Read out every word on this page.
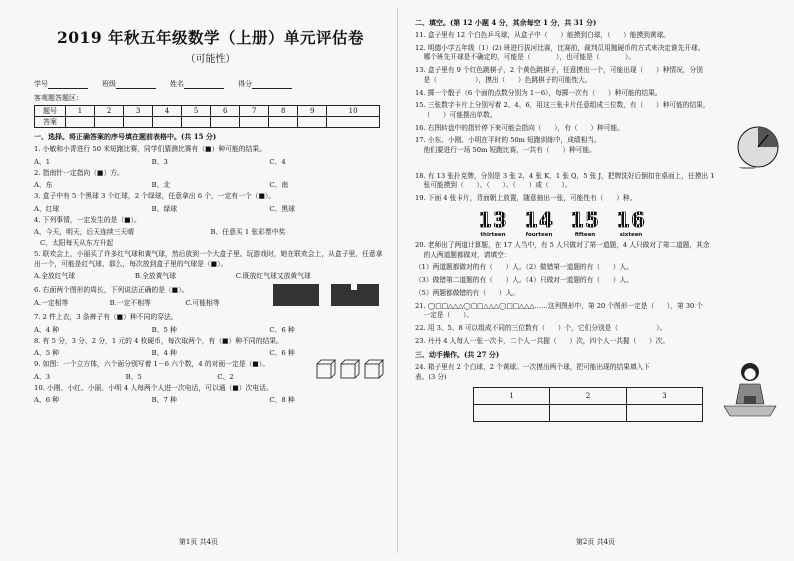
2019 年秋五年级数学（上册）单元评估卷
（可能性）
学号	班级	姓名	得分
客观题答题区：
题号	1	2	3	4	5	6	7	8	9	10
答案										
一、选择。将正确答案的序号填在题前表格中。(共 15 分)
1. 小敏和小青进行 50 米短跑比赛，同学们猜测比赛有（■）种可能的结果。
A、1	B、3	C、4
2. 指南针一定指向（■）方。
A、东	B、北	C、南
3. 盒子中有 5 个黑球 3 个红球，2 个绿球，任意拿出 6 个，一定有一个（■）。
A、红球	B、绿球	C、黑球
4. 下列事情，一定发生的是（■）。
A、今天，明天，后天连续三天晴	B、任意买 1 张彩票中奖
C、太阳每天从东方升起
5. 联欢会上，小丽买了许多红气球和黄气球，然后放到一个大盒子里。玩游戏时，她在联欢会上，从盒子里，任意拿出一个，可能是红气球，那么，每次放到盒子里的气球是（■）。
A.全放红气球	B.全放黄气球	C.既放红气球又放黄气球
6. 右面两个图形的周长，下列说法正确的是（■）。
A.一定相等	B.一定不相等	C.可能相等
7. 2 件上衣，3 条裤子有（■）种不同的穿法。
A、4 种	B、5 种	C、6 种
8. 有 5 分，3 分，2 分，1 元的 4 枚硬币，每次取两个，有（■）种不同的结果。
A、5 种	B、4 种	C、6 种
9. 如图：一个立方体，六个面分别写着 1－6 六个数，4 的对面一定是（■）。
A、3	B、5	C、2
10. 小刚、小红、小丽、小明 4 人每两个人进一次电话，可以通（■）次电话。
A、6 种	B、7 种	C、8 种
第1页 共4页
二、填空。(第 12 小题 4 分，其余每空 1 分，共 31 分)
11. 盒子里有 12 个白色乒乓球，从盒子中（      ）能摸到白球，（      ）能摸到黄球。
12. 明德小学五年级（1）(2) 班进行拔河比赛，比赛前，裁判员用抛硬币的方式来决定谁先开球。
哪个班先开球是不确定的，可能是（            ），也可能是（            ）。
13. 盒子里有 9 个红色跳棋子，2 个黄色跳棋子，任意摸出一个，可能出现（      ）种情况，分别
是（                  ），摸出（      ）色跳棋子的可能性大。
14. 掷一个骰子（6 个面的点数分别为 1－6），每掷一次有（      ）种可能的结果。
15. 三张数字卡片上分别写着 2、4、6，用这三张卡片任意组成三位数，有（      ）种可能的结果，
（      ）可能摆出单数。
16. 右图转盘中的指针停下来可能会指向（      ），有（      ）种可能。
17. 小东、小刚、小明在平时的 50m 短跑训练中，成绩相当。
他们要进行一场 50m 短跑比赛，一共有（      ）种可能。
18. 有 13 张扑克牌，分别是 3 张 2，4 张 K，1 张 Q，5 张 J，把牌洗好后倒扣在桌面上，任摸出 1
张可能摸到（      ）、（      ）、（      ）或（      ）。
19. 下面 4 张卡片，背面朝上放置，随意抽出一张，可能性有（      ）种。
13
thirteen
14
fourteen
15
fifteen
16
sixteen
20. 老师出了两道计算题，在 17 人当中，有 5 人只做对了第一道题，4 人只做对了第二道题，其余
的人两道题都做对，请填空：
（1）两道题都做对的有（      ）人。（2）做错第一道题的有（      ）人。
（3）做错第二道题的有（      ）人。（4）只做对一道题的有（      ）人。
（5）两题都做错的有（      ）人。
21. ◯□□△△△◯□□△△△◯□□△△△……这列图形中，第 20 个图形一定是（      ），第 30 个
一定是（      ）。
22. 用 3、5、8 可以组成不同的三位数有（      ）个，它们分别是（                  ）。
23. 丹丹 4 人每人一张一次卡，二个人一共握（      ）次，四个人一共握（      ）次。
三、动手操作。(共 27 分)
24. 箱子里有 2 个白球，2 个黄球。一次摸出两个球，把可能出现的结果填入下
表。(3 分)
1	2	3

第2页 共4页
